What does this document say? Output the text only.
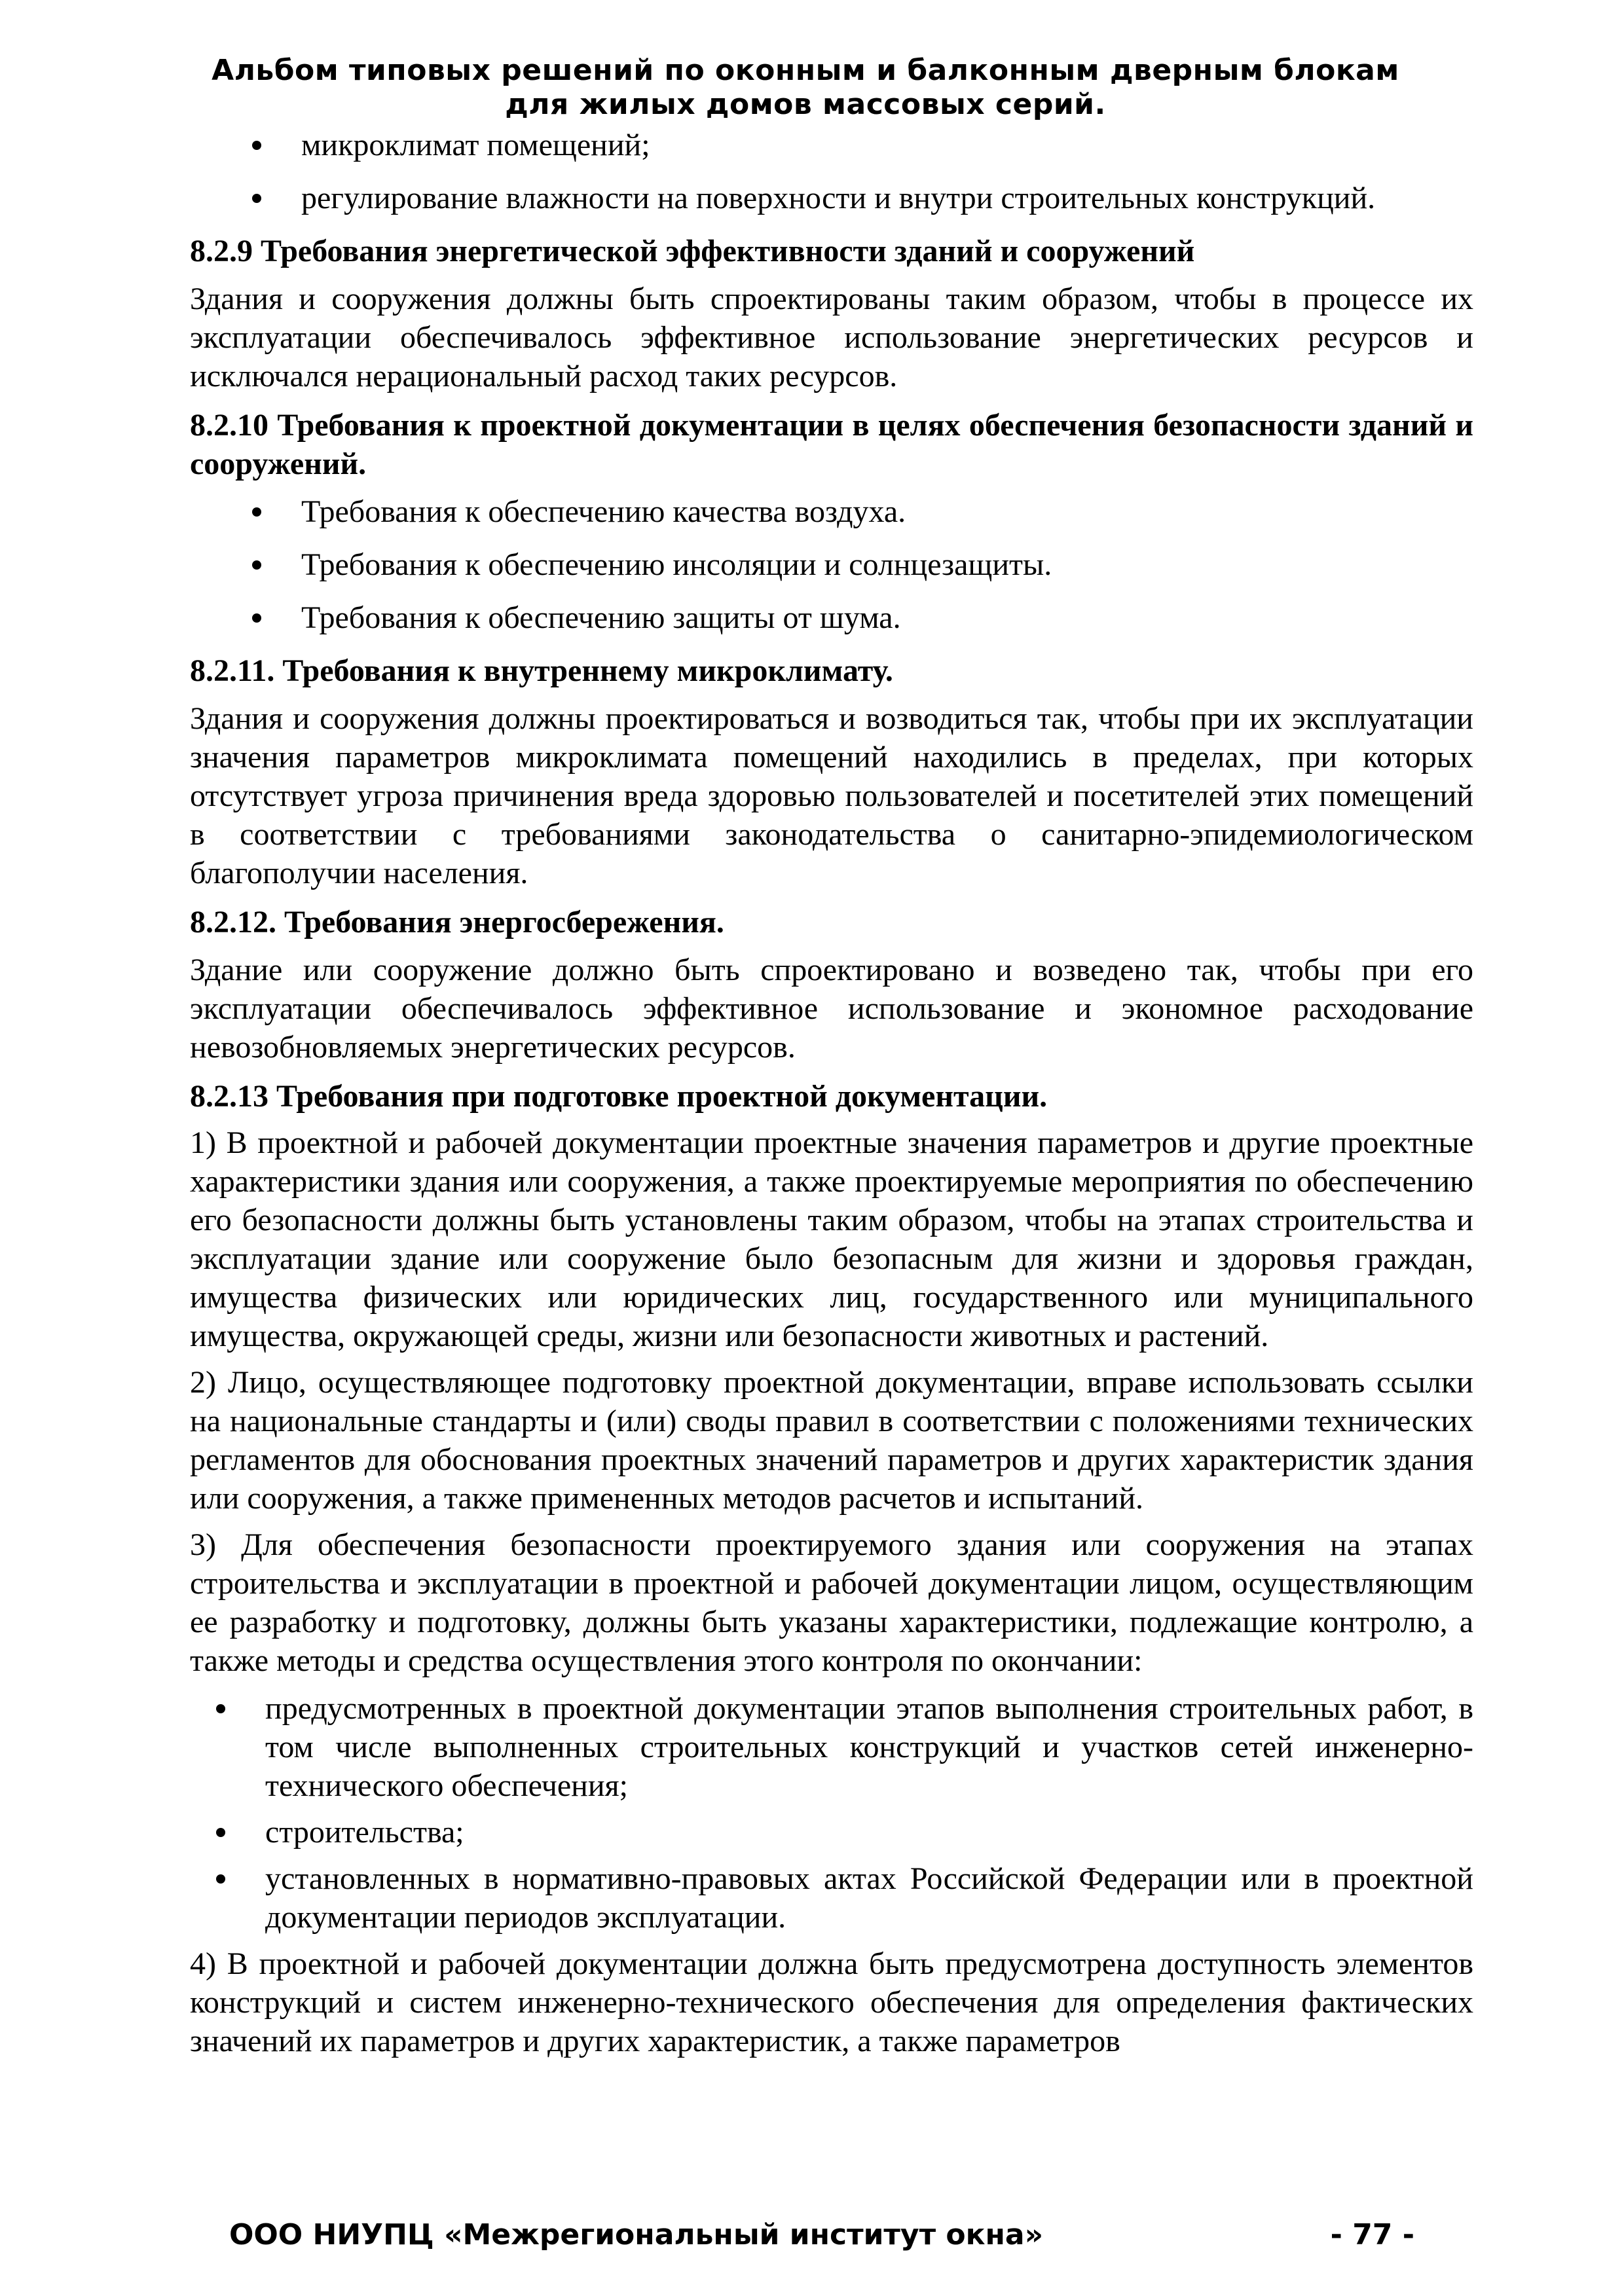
Альбом типовых решений по оконным и балконным дверным блокам
для жилых домов массовых серий.
микроклимат помещений;
регулирование влажности на поверхности и внутри строительных конструкций.

8.2.9 Требования энергетической эффективности зданий и сооружений

Здания и сооружения должны быть спроектированы таким образом, чтобы в процессе их эксплуатации обеспечивалось эффективное использование энергетических ресурсов и исключался нерациональный расход таких ресурсов.

8.2.10 Требования к проектной документации в целях обеспечения безопасности зданий и сооружений.

Требования к обеспечению качества воздуха.
Требования к обеспечению инсоляции и солнцезащиты.
Требования к обеспечению защиты от шума.

8.2.11. Требования к внутреннему микроклимату.

Здания и сооружения должны проектироваться и возводиться так, чтобы при их эксплуатации значения параметров микроклимата помещений находились в пределах, при которых отсутствует угроза причинения вреда здоровью пользователей и посетителей этих помещений в соответствии с требованиями законодательства о санитарно-эпидемиологическом благополучии населения.

8.2.12. Требования энергосбережения.

Здание или сооружение должно быть спроектировано и возведено так, чтобы при его эксплуатации обеспечивалось эффективное использование и экономное расходование невозобновляемых энергетических ресурсов.

8.2.13 Требования при подготовке проектной документации.

1) В проектной и рабочей документации проектные значения параметров и другие проектные характеристики здания или сооружения, а также проектируемые мероприятия по обеспечению его безопасности должны быть установлены таким образом, чтобы на этапах строительства и эксплуатации здание или сооружение было безопасным для жизни и здоровья граждан, имущества физических или юридических лиц, государственного или муниципального имущества, окружающей среды, жизни или безопасности животных и растений.

2) Лицо, осуществляющее подготовку проектной документации, вправе использовать ссылки на национальные стандарты и (или) своды правил в соответствии с положениями технических регламентов для обоснования проектных значений параметров и других характеристик здания или сооружения, а также примененных методов расчетов и испытаний.

3) Для обеспечения безопасности проектируемого здания или сооружения на этапах строительства и эксплуатации в проектной и рабочей документации лицом, осуществляющим ее разработку и подготовку, должны быть указаны характеристики, подлежащие контролю, а также методы и средства осуществления этого контроля по окончании:

предусмотренных в проектной документации этапов выполнения строительных работ, в том числе выполненных строительных конструкций и участков сетей инженерно-технического обеспечения;
строительства;
установленных в нормативно-правовых актах Российской Федерации или в проектной документации периодов эксплуатации.

4) В проектной и рабочей документации должна быть предусмотрена доступность элементов конструкций и систем инженерно-технического обеспечения для определения фактических значений их параметров и других характеристик, а также параметров

ООО НИУПЦ «Межрегиональный институт окна»	- 77 -
